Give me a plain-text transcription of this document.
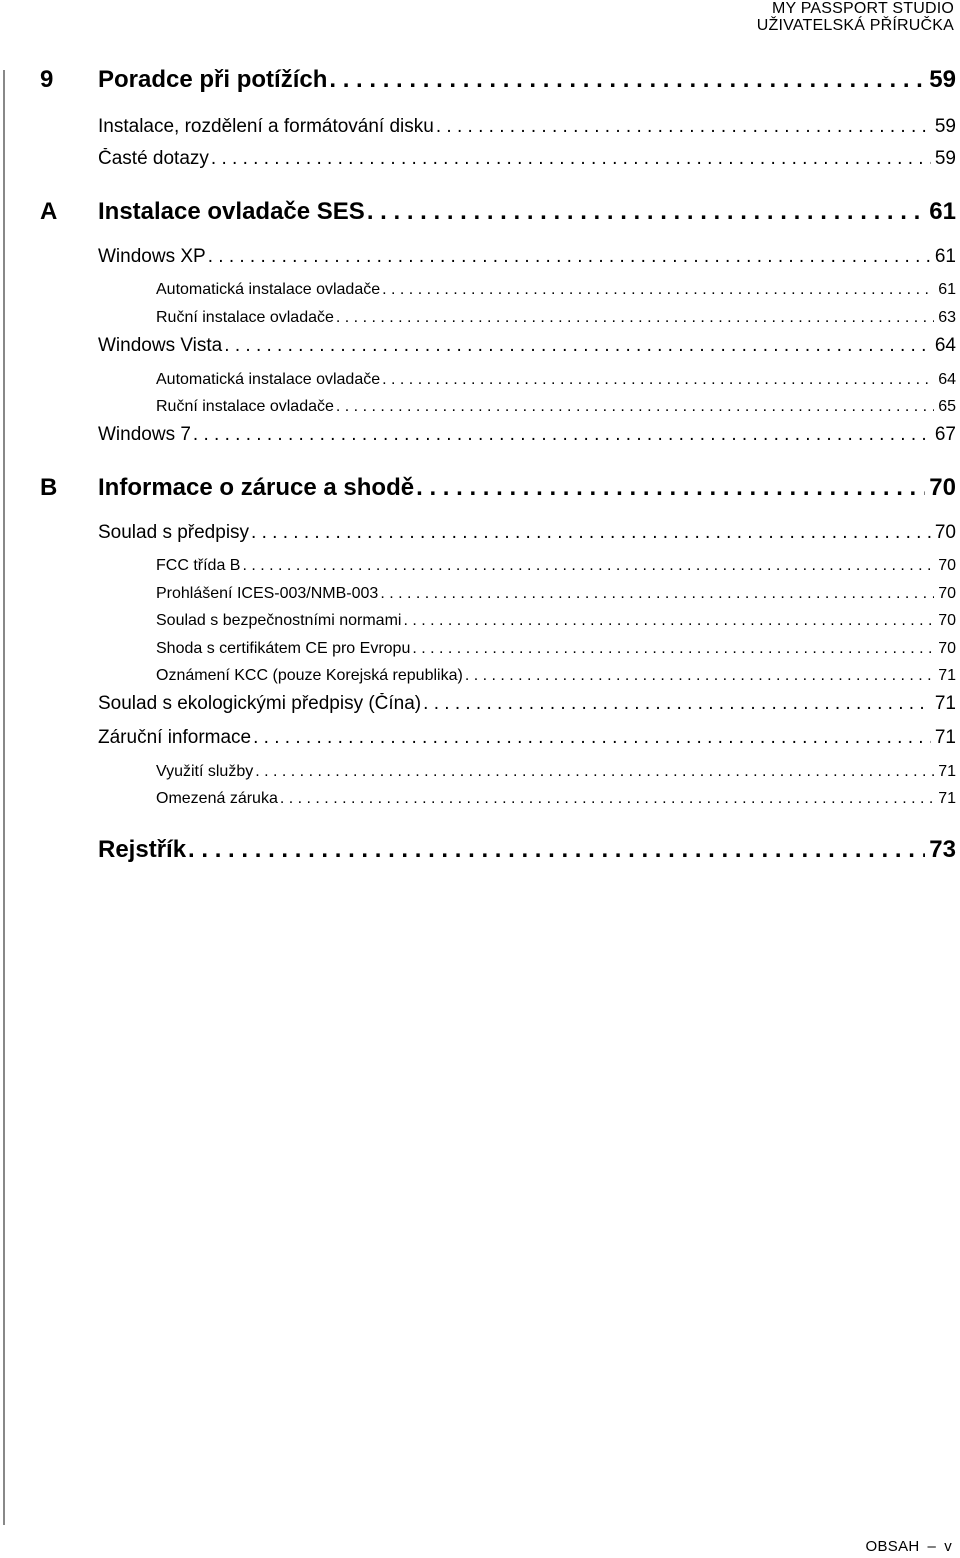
MY PASSPORT STUDIO
UŽIVATELSKÁ PŘÍRUČKA
9 Poradce při potížích . . .	59
Instalace, rozdělení a formátování disku . . .	59
Časté dotazy . . .	59
A Instalace ovladače SES . . .	61
Windows XP . . .	61
Automatická instalace ovladače . . .	61
Ruční instalace ovladače . . .	63
Windows Vista . . .	64
Automatická instalace ovladače . . .	64
Ruční instalace ovladače . . .	65
Windows 7 . . .	67
B Informace o záruce a shodě . . .	70
Soulad s předpisy . . .	70
FCC třída B . . .	70
Prohlášení ICES-003/NMB-003 . . .	70
Soulad s bezpečnostními normami . . .	70
Shoda s certifikátem CE pro Evropu . . .	70
Oznámení KCC (pouze Korejská republika) . . .	71
Soulad s ekologickými předpisy (Čína) . . .	71
Záruční informace . . .	71
Využití služby . . .	71
Omezená záruka . . .	71
Rejstřík . . .	73
OBSAH – v
